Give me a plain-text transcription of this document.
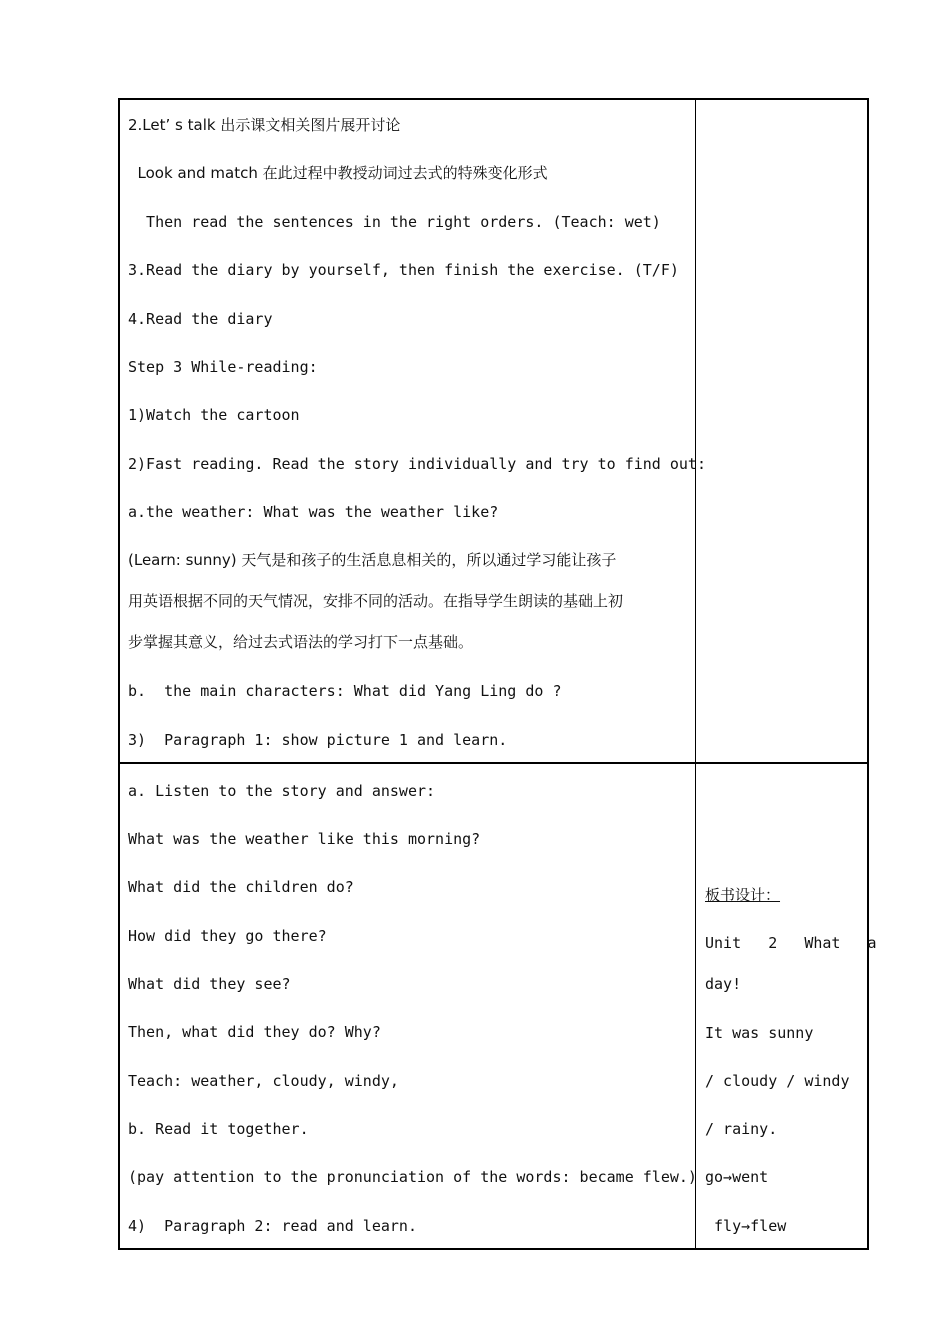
2.Let’ s talk 出示课文相关图片展开讨论
Look and match 在此过程中教授动词过去式的特殊变化形式
Then read the sentences in the right orders. (Teach: wet)
3.Read the diary by yourself, then finish the exercise. (T/F)
4.Read the diary
Step 3 While-reading:
1)Watch the cartoon
2)Fast reading. Read the story individually and try to find out:
a.the weather: What was the weather like?
(Learn: sunny) 天气是和孩子的生活息息相关的，所以通过学习能让孩子
用英语根据不同的天气情况，安排不同的活动。在指导学生朗读的基础上初
步掌握其意义，给过去式语法的学习打下一点基础。
b.  the main characters: What did Yang Ling do ?
3)  Paragraph 1: show picture 1 and learn.
a. Listen to the story and answer:
What was the weather like this morning?
What did the children do?
How did they go there?
What did they see?
Then, what did they do? Why?
Teach: weather, cloudy, windy,
b. Read it together.
(pay attention to the pronunciation of the words: became flew.)
4)  Paragraph 2: read and learn.
板书设计：
Unit   2   What   a
day!
It was sunny
/ cloudy / windy
/ rainy.
go→went
fly→flew
